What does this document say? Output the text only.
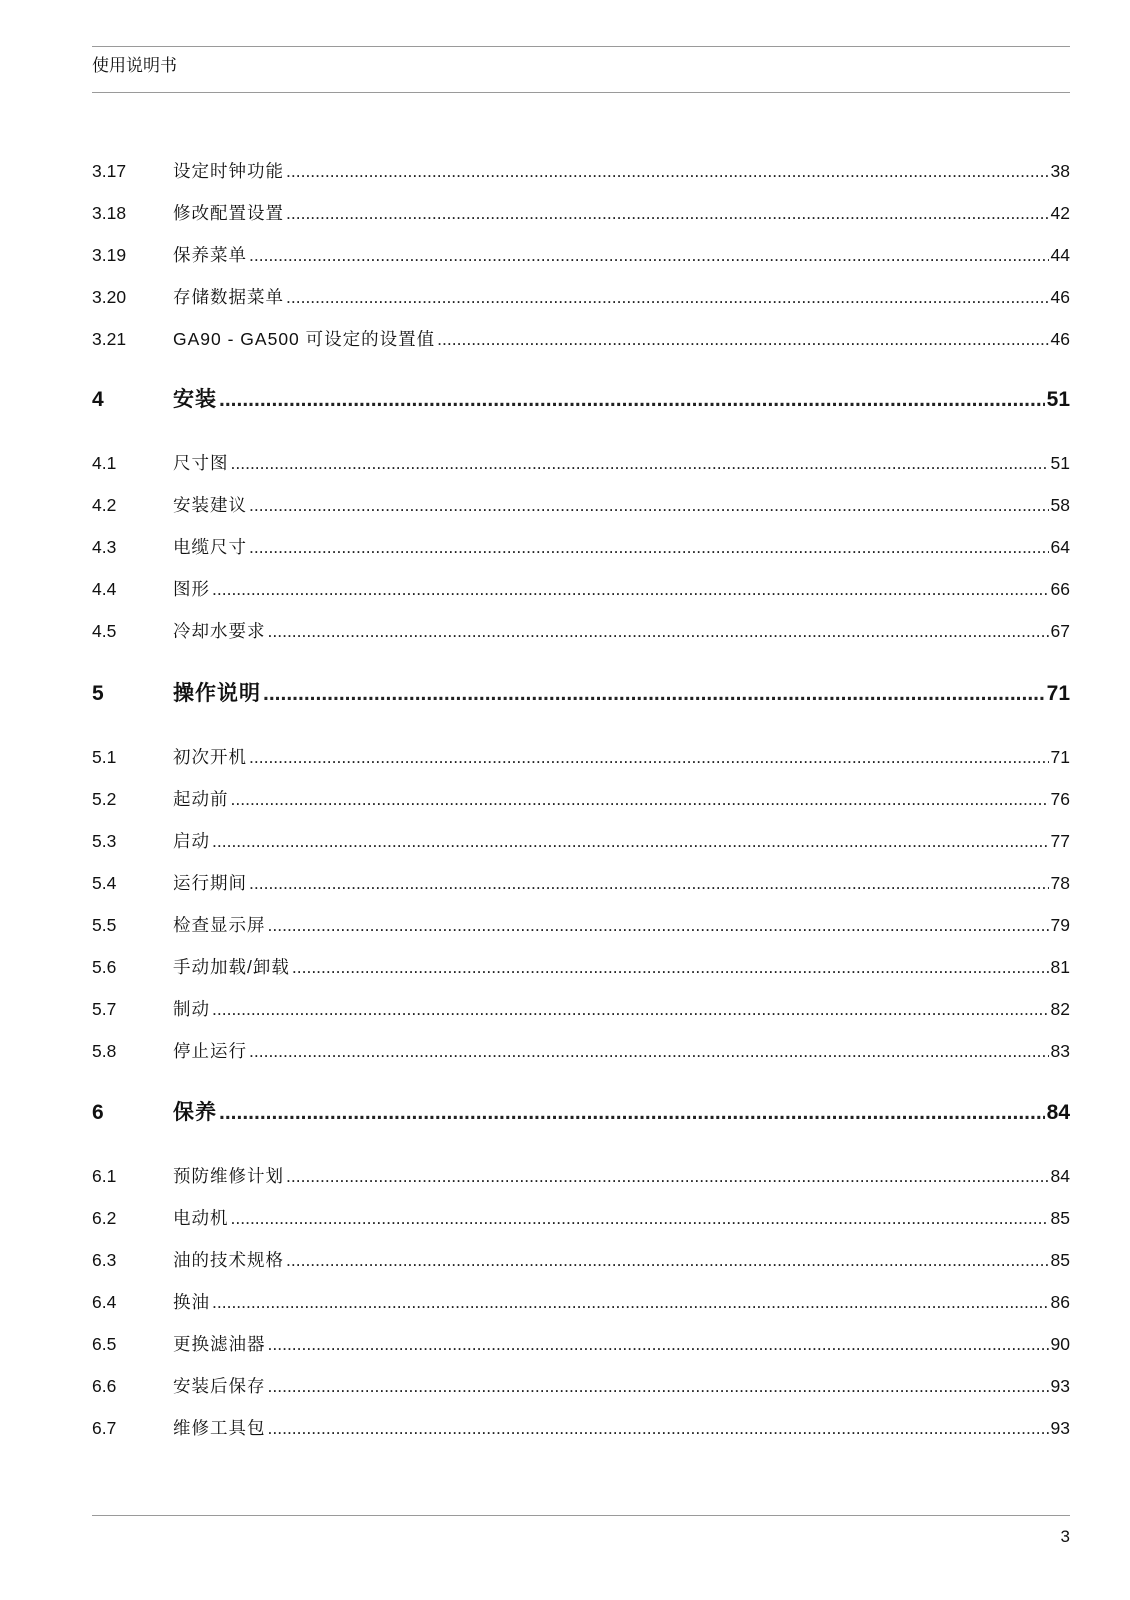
使用说明书
3.17	设定时钟功能 .....	38
3.18	修改配置设置 .....	42
3.19	保养菜单 .....	44
3.20	存储数据菜单 .....	46
3.21	GA90 - GA500 可设定的设置值 .....	46
4	安装 .....	51
4.1	尺寸图 .....	51
4.2	安装建议 .....	58
4.3	电缆尺寸 .....	64
4.4	图形 .....	66
4.5	冷却水要求 .....	67
5	操作说明 .....	71
5.1	初次开机 .....	71
5.2	起动前 .....	76
5.3	启动 .....	77
5.4	运行期间 .....	78
5.5	检查显示屏 .....	79
5.6	手动加载/卸载 .....	81
5.7	制动 .....	82
5.8	停止运行 .....	83
6	保养 .....	84
6.1	预防维修计划 .....	84
6.2	电动机 .....	85
6.3	油的技术规格 .....	85
6.4	换油 .....	86
6.5	更换滤油器 .....	90
6.6	安装后保存 .....	93
6.7	维修工具包 .....	93
3
